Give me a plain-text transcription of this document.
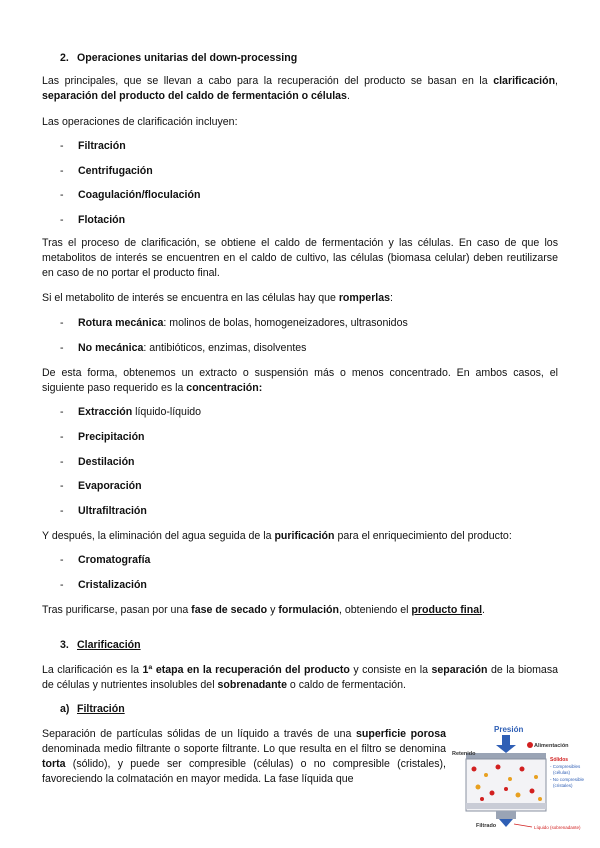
2. Operaciones unitarias del down-processing
Las principales, que se llevan a cabo para la recuperación del producto se basan en la clarificación, separación del producto del caldo de fermentación o células.
Las operaciones de clarificación incluyen:
- Filtración
- Centrifugación
- Coagulación/floculación
- Flotación
Tras el proceso de clarificación, se obtiene el caldo de fermentación y las células. En caso de que los metabolitos de interés se encuentren en el caldo de cultivo, las células (biomasa celular) deben reutilizarse en caso de no portar el producto final.
Si el metabolito de interés se encuentra en las células hay que romperlas:
- Rotura mecánica: molinos de bolas, homogeneizadores, ultrasonidos
- No mecánica: antibióticos, enzimas, disolventes
De esta forma, obtenemos un extracto o suspensión más o menos concentrado. En ambos casos, el siguiente paso requerido es la concentración:
- Extracción líquido-líquido
- Precipitación
- Destilación
- Evaporación
- Ultrafiltración
Y después, la eliminación del agua seguida de la purificación para el enriquecimiento del producto:
- Cromatografía
- Cristalización
Tras purificarse, pasan por una fase de secado y formulación, obteniendo el producto final.
3. Clarificación
La clarificación es la 1ª etapa en la recuperación del producto y consiste en la separación de la biomasa de células y nutrientes insolubles del sobrenadante o caldo de fermentación.
a) Filtración
Separación de partículas sólidas de un líquido a través de una superficie porosa denominada medio filtrante o soporte filtrante. Lo que resulta en el filtro se denomina torta (sólido), y puede ser compresible (células) o no compresible (cristales), favoreciendo la colmatación en mayor medida. La fase líquida que
Presión
Retenido
Alimentación
Sólidos
- Compresibles
(células)
- No compresibles
(cristales)
Filtrado	Líquido (sobrenadante)
